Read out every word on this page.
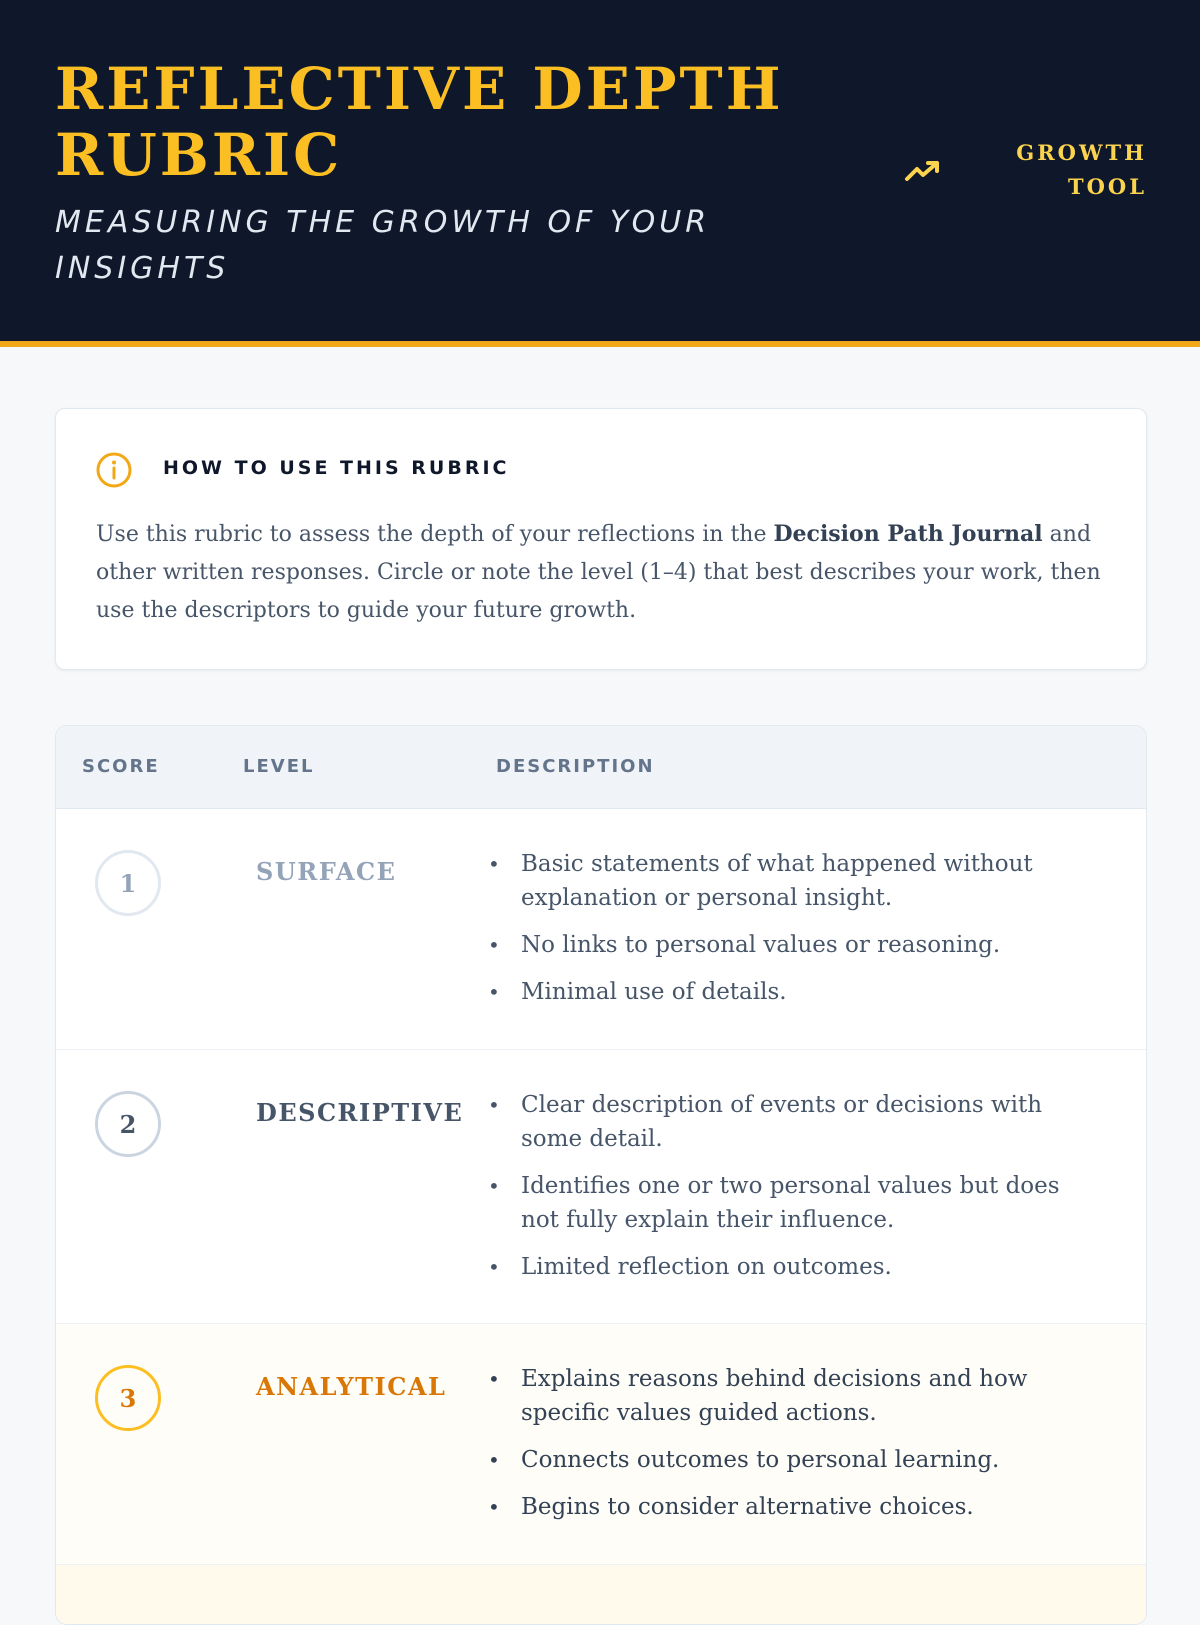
REFLECTIVE DEPTH RUBRIC
MEASURING THE GROWTH OF YOUR INSIGHTS
GROWTH
TOOL
HOW TO USE THIS RUBRIC

Use this rubric to assess the depth of your reflections in the Decision Path Journal and other written responses. Circle or note the level (1–4) that best describes your work, then use the descriptors to guide your future growth.

SCORE	LEVEL	DESCRIPTION
1	SURFACE	• Basic statements of what happened without explanation or personal insight.
• No links to personal values or reasoning.
• Minimal use of details.
2	DESCRIPTIVE • Clear description of events or decisions with some detail.
• Identifies one or two personal values but does not fully explain their influence.
• Limited reflection on outcomes.
3	ANALYTICAL • Explains reasons behind decisions and how specific values guided actions.
• Connects outcomes to personal learning.
• Begins to consider alternative choices.
